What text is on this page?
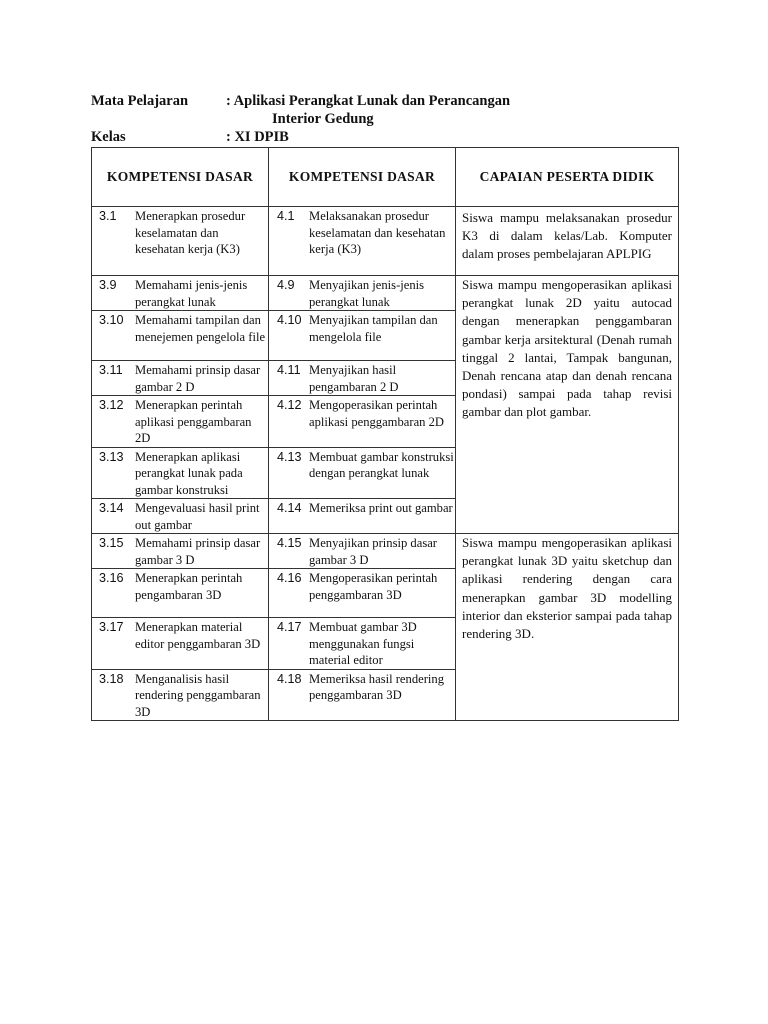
Mata Pelajaran	: Aplikasi Perangkat Lunak dan Perancangan
Interior Gedung
Kelas	: XI DPIB
KOMPETENSI DASAR	KOMPETENSI DASAR	CAPAIAN PESERTA DIDIK

3.1 Menerapkan prosedur keselamatan dan kesehatan kerja (K3)	4.1 Melaksanakan prosedur keselamatan dan kesehatan kerja (K3)	Siswa mampu melaksanakan prosedur K3 di dalam kelas/Lab. Komputer dalam proses pembelajaran APLPIG

3.9 Memahami jenis-jenis perangkat lunak	4.9 Menyajikan jenis-jenis perangkat lunak	Siswa mampu mengoperasikan aplikasi perangkat lunak 2D yaitu autocad dengan menerapkan penggambaran gambar kerja arsitektural (Denah rumah tinggal 2 lantai, Tampak bangunan, Denah rencana atap dan denah rencana pondasi) sampai pada tahap revisi gambar dan plot gambar.

3.10 Memahami tampilan dan menejemen pengelola file	4.10 Menyajikan tampilan dan mengelola file	

3.11 Memahami prinsip dasar gambar 2 D	4.11 Menyajikan hasil pengambaran 2 D	

3.12 Menerapkan perintah aplikasi penggambaran 2D	4.12 Mengoperasikan perintah aplikasi penggambaran 2D	

3.13 Menerapkan aplikasi perangkat lunak pada gambar konstruksi	4.13 Membuat gambar konstruksi dengan perangkat lunak	

3.14 Mengevaluasi hasil print out gambar	4.14 Memeriksa print out gambar	

3.15 Memahami prinsip dasar gambar 3 D	4.15 Menyajikan prinsip dasar gambar 3 D	Siswa mampu mengoperasikan aplikasi perangkat lunak 3D yaitu sketchup dan aplikasi rendering dengan cara menerapkan gambar 3D modelling interior dan eksterior sampai pada tahap rendering 3D.

3.16 Menerapkan perintah pengambaran 3D	4.16 Mengoperasikan perintah penggambaran 3D	

3.17 Menerapkan material editor penggambaran 3D	4.17 Membuat gambar 3D menggunakan fungsi material editor	

3.18 Menganalisis hasil rendering penggambaran 3D	4.18 Memeriksa hasil rendering penggambaran 3D	
